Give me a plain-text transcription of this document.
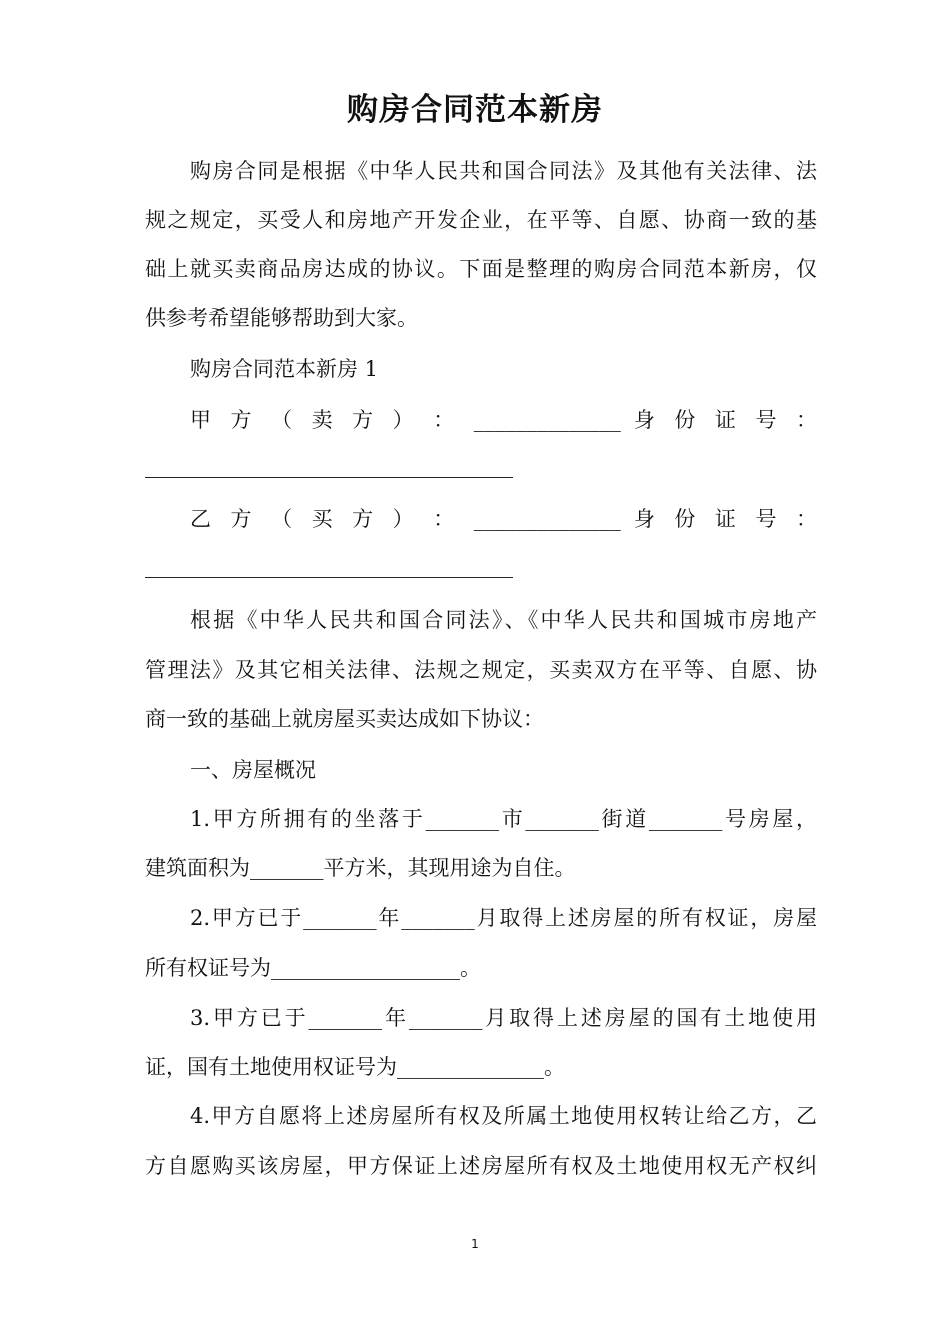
购房合同范本新房
购房合同是根据《中华人民共和国合同法》及其他有关法律、法
规之规定，买受人和房地产开发企业，在平等、自愿、协商一致的基
础上就买卖商品房达成的协议。下面是整理的购房合同范本新房，仅
供参考希望能够帮助到大家。
购房合同范本新房 1
甲 方 （ 卖 方 ） ： ______________ 身 份 证 号 ：
乙 方 （ 买 方 ） ： ______________ 身 份 证 号 ：
根据《中华人民共和国合同法》、《中华人民共和国城市房地产
管理法》及其它相关法律、法规之规定，买卖双方在平等、自愿、协
商一致的基础上就房屋买卖达成如下协议：
一、房屋概况
1.甲方所拥有的坐落于_______市_______街道_______号房屋，
建筑面积为_______平方米，其现用途为自住。
2.甲方已于_______年_______月取得上述房屋的所有权证，房屋
所有权证号为__________________。
3.甲方已于_______年_______月取得上述房屋的国有土地使用
证，国有土地使用权证号为______________。
4.甲方自愿将上述房屋所有权及所属土地使用权转让给乙方，乙
方自愿购买该房屋，甲方保证上述房屋所有权及土地使用权无产权纠
1
